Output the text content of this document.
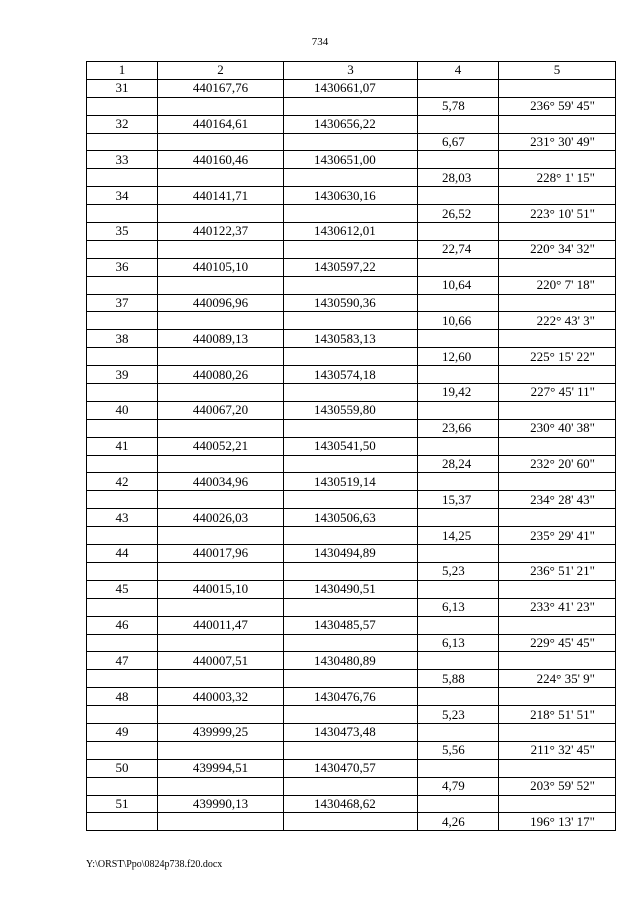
734
1	2	3	4	5
31	440167,76	1430661,07		
			5,78	236° 59' 45"
32	440164,61	1430656,22		
			6,67	231° 30' 49"
33	440160,46	1430651,00		
			28,03	228° 1' 15"
34	440141,71	1430630,16		
			26,52	223° 10' 51"
35	440122,37	1430612,01		
			22,74	220° 34' 32"
36	440105,10	1430597,22		
			10,64	220° 7' 18"
37	440096,96	1430590,36		
			10,66	222° 43' 3"
38	440089,13	1430583,13		
			12,60	225° 15' 22"
39	440080,26	1430574,18		
			19,42	227° 45' 11"
40	440067,20	1430559,80		
			23,66	230° 40' 38"
41	440052,21	1430541,50		
			28,24	232° 20' 60"
42	440034,96	1430519,14		
			15,37	234° 28' 43"
43	440026,03	1430506,63		
			14,25	235° 29' 41"
44	440017,96	1430494,89		
			5,23	236° 51' 21"
45	440015,10	1430490,51		
			6,13	233° 41' 23"
46	440011,47	1430485,57		
			6,13	229° 45' 45"
47	440007,51	1430480,89		
			5,88	224° 35' 9"
48	440003,32	1430476,76		
			5,23	218° 51' 51"
49	439999,25	1430473,48		
			5,56	211° 32' 45"
50	439994,51	1430470,57		
			4,79	203° 59' 52"
51	439990,13	1430468,62		
			4,26	196° 13' 17"
Y:\ORST\Ppo\0824p738.f20.docx
